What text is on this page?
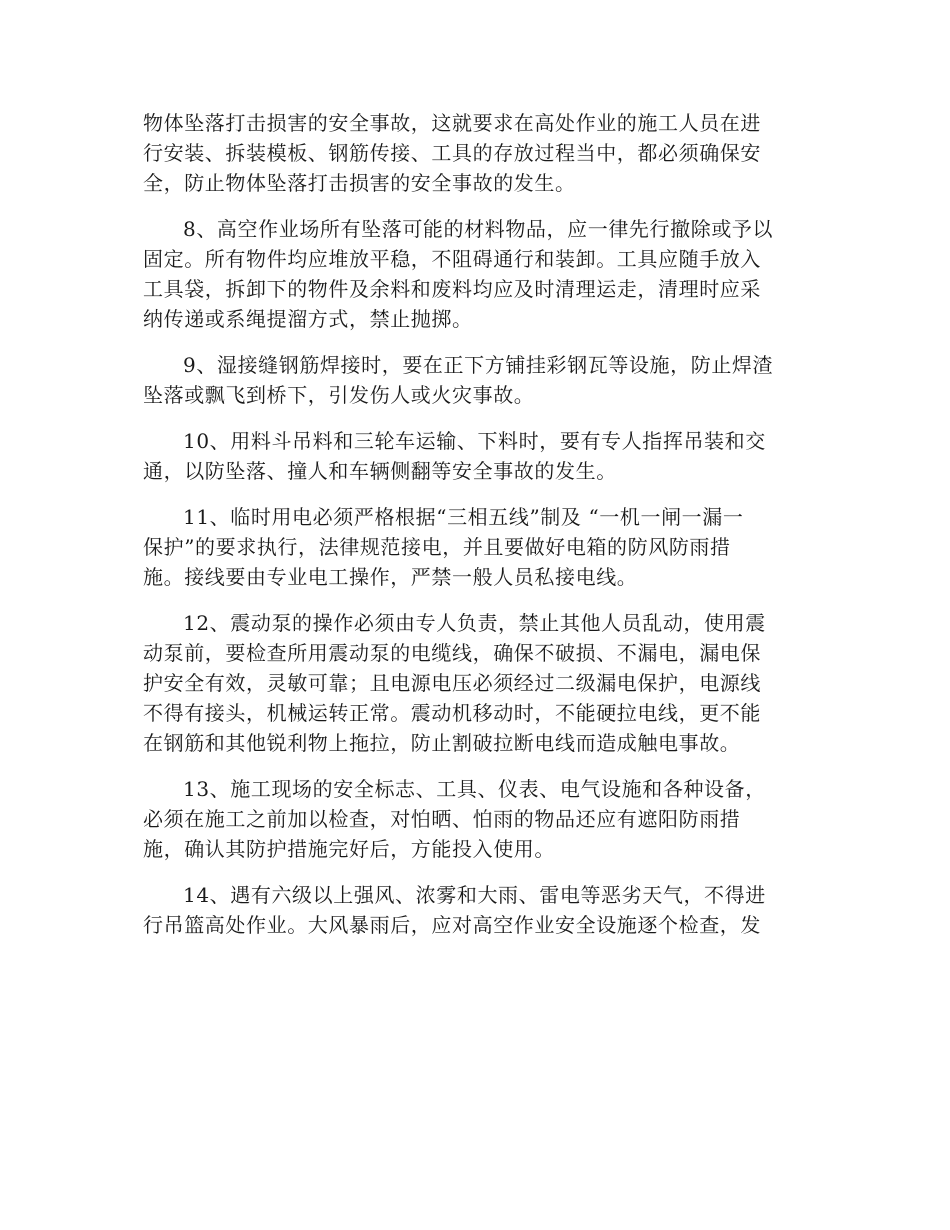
物体坠落打击损害的安全事故，这就要求在高处作业的施工人员在进
行安装、拆装模板、钢筋传接、工具的存放过程当中，都必须确保安
全，防止物体坠落打击损害的安全事故的发生。
8、高空作业场所有坠落可能的材料物品，应一律先行撤除或予以
固定。所有物件均应堆放平稳，不阻碍通行和装卸。工具应随手放入
工具袋，拆卸下的物件及余料和废料均应及时清理运走，清理时应采
纳传递或系绳提溜方式，禁止抛掷。
9、湿接缝钢筋焊接时，要在正下方铺挂彩钢瓦等设施，防止焊渣
坠落或飘飞到桥下，引发伤人或火灾事故。
10、用料斗吊料和三轮车运输、下料时，要有专人指挥吊装和交
通，以防坠落、撞人和车辆侧翻等安全事故的发生。
11、临时用电必须严格根据“三相五线”制及 “一机一闸一漏一
保护”的要求执行，法律规范接电，并且要做好电箱的防风防雨措
施。接线要由专业电工操作，严禁一般人员私接电线。
12、震动泵的操作必须由专人负责，禁止其他人员乱动，使用震
动泵前，要检查所用震动泵的电缆线，确保不破损、不漏电，漏电保
护安全有效，灵敏可靠；且电源电压必须经过二级漏电保护，电源线
不得有接头，机械运转正常。震动机移动时，不能硬拉电线，更不能
在钢筋和其他锐利物上拖拉，防止割破拉断电线而造成触电事故。
13、施工现场的安全标志、工具、仪表、电气设施和各种设备，
必须在施工之前加以检查，对怕晒、怕雨的物品还应有遮阳防雨措
施，确认其防护措施完好后，方能投入使用。
14、遇有六级以上强风、浓雾和大雨、雷电等恶劣天气，不得进
行吊篮高处作业。大风暴雨后，应对高空作业安全设施逐个检查，发
